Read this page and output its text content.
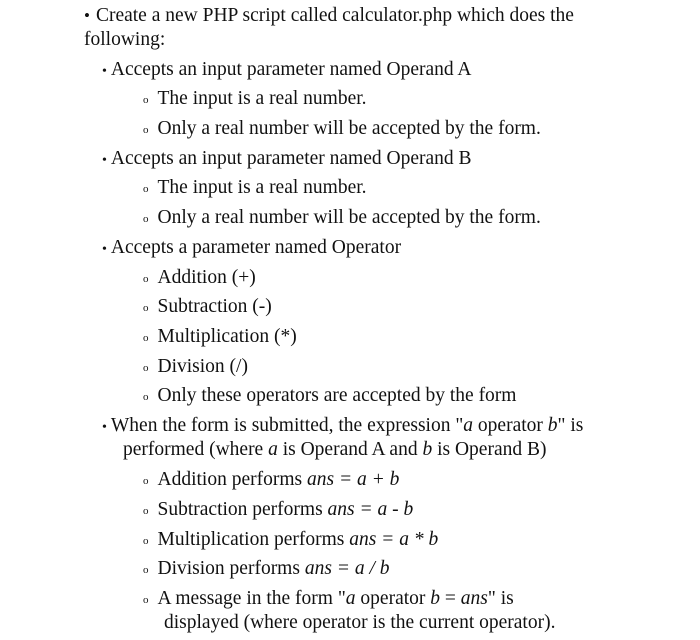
• Create a new PHP script called calculator.php which does the
following:
• Accepts an input parameter named Operand A
o The input is a real number.
o Only a real number will be accepted by the form.
• Accepts an input parameter named Operand B
o The input is a real number.
o Only a real number will be accepted by the form.
• Accepts a parameter named Operator
o Addition (+)
o Subtraction (-)
o Multiplication (*)
o Division (/)
o Only these operators are accepted by the form
• When the form is submitted, the expression "a operator b" is
performed (where a is Operand A and b is Operand B)
o Addition performs ans = a + b
o Subtraction performs ans = a - b
o Multiplication performs ans = a * b
o Division performs ans = a / b
o A message in the form "a operator b = ans" is
displayed (where operator is the current operator).
